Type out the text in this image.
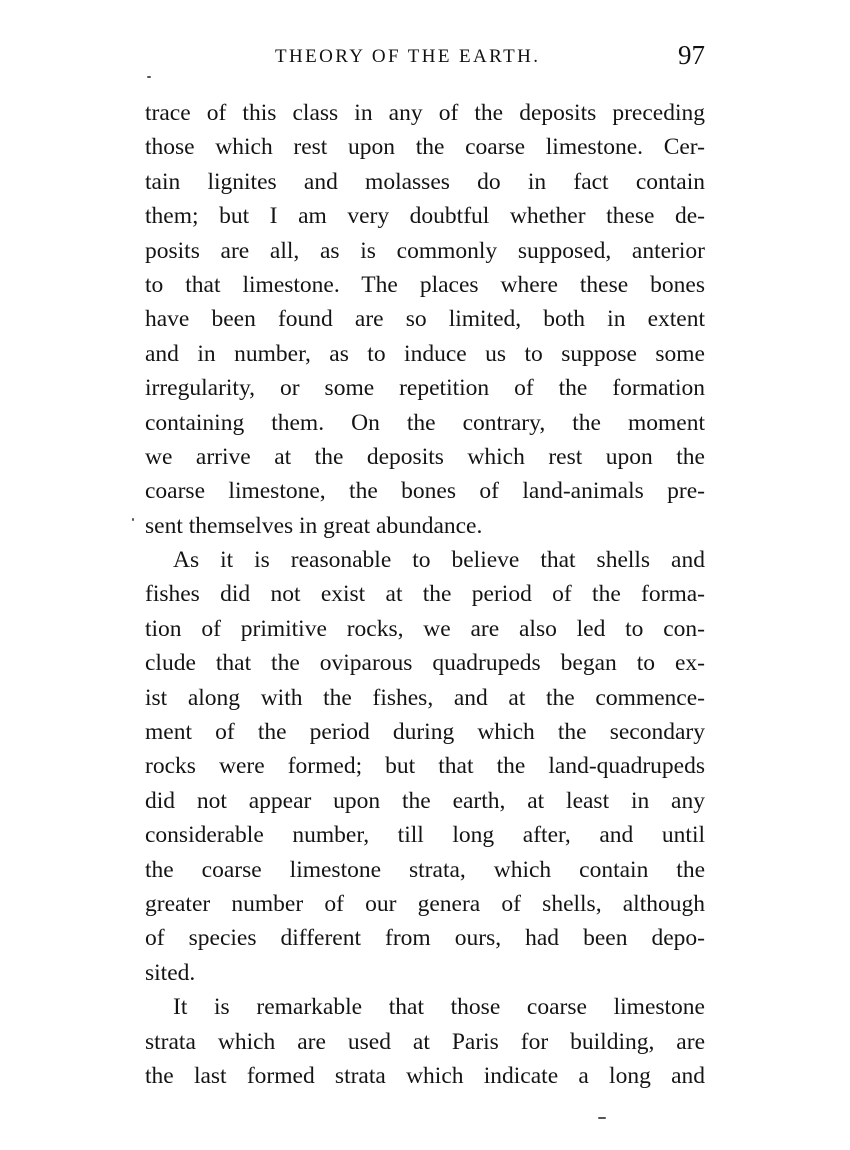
THEORY OF THE EARTH.	97
trace of this class in any of the deposits preceding
those which rest upon the coarse limestone. Cer-
tain lignites and molasses do in fact contain
them; but I am very doubtful whether these de-
posits are all, as is commonly supposed, anterior
to that limestone. The places where these bones
have been found are so limited, both in extent
and in number, as to induce us to suppose some
irregularity, or some repetition of the formation
containing them. On the contrary, the moment
we arrive at the deposits which rest upon the
coarse limestone, the bones of land-animals pre-
sent themselves in great abundance.
As it is reasonable to believe that shells and
fishes did not exist at the period of the forma-
tion of primitive rocks, we are also led to con-
clude that the oviparous quadrupeds began to ex-
ist along with the fishes, and at the commence-
ment of the period during which the secondary
rocks were formed; but that the land-quadrupeds
did not appear upon the earth, at least in any
considerable number, till long after, and until
the coarse limestone strata, which contain the
greater number of our genera of shells, although
of species different from ours, had been depo-
sited.
It is remarkable that those coarse limestone
strata which are used at Paris for building, are
the last formed strata which indicate a long and
